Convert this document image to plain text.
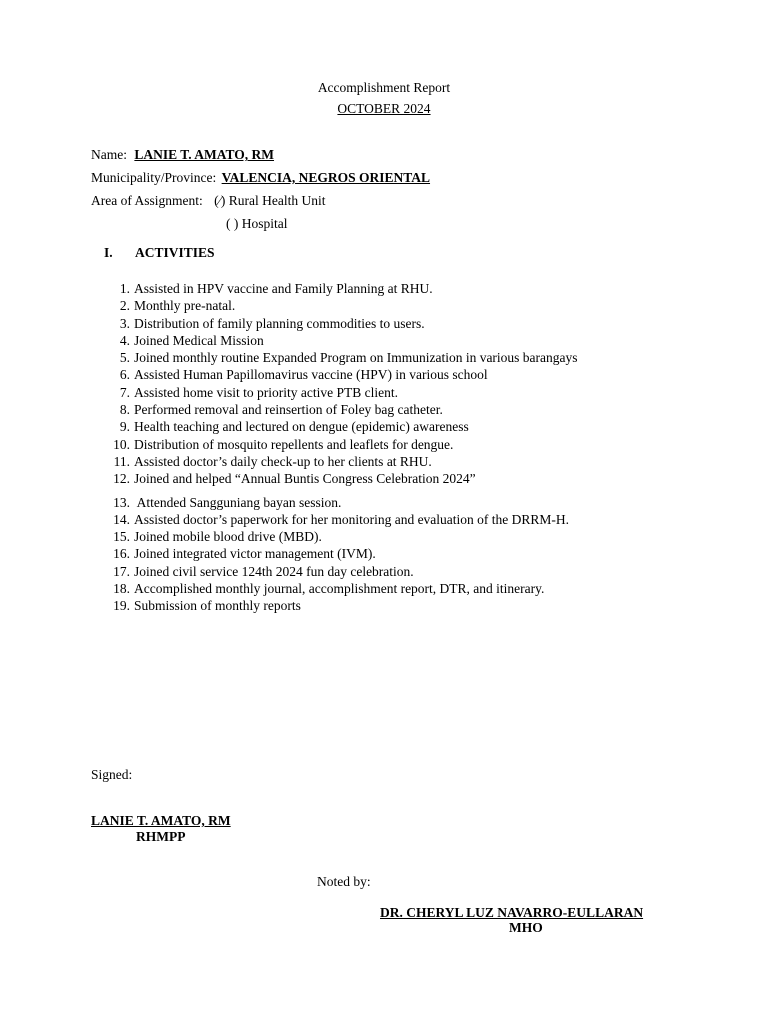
Accomplishment Report
OCTOBER 2024
Name: LANIE T. AMATO, RM
Municipality/Province: VALENCIA, NEGROS ORIENTAL
Area of Assignment: (∕) Rural Health Unit
( ) Hospital
I. ACTIVITIES
1. Assisted in HPV vaccine and Family Planning at RHU.
2. Monthly pre-natal.
3. Distribution of family planning commodities to users.
4. Joined Medical Mission
5. Joined monthly routine Expanded Program on Immunization in various barangays
6. Assisted Human Papillomavirus vaccine (HPV) in various school
7. Assisted home visit to priority active PTB client.
8. Performed removal and reinsertion of Foley bag catheter.
9. Health teaching and lectured on dengue (epidemic) awareness
10. Distribution of mosquito repellents and leaflets for dengue.
11. Assisted doctor’s daily check-up to her clients at RHU.
12. Joined and helped “Annual Buntis Congress Celebration 2024”
13. Attended Sangguniang bayan session.
14. Assisted doctor’s paperwork for her monitoring and evaluation of the DRRM-H.
15. Joined mobile blood drive (MBD).
16. Joined integrated victor management (IVM).
17. Joined civil service 124th 2024 fun day celebration.
18. Accomplished monthly journal, accomplishment report, DTR, and itinerary.
19. Submission of monthly reports
Signed:
LANIE T. AMATO, RM
RHMPP
Noted by:
DR. CHERYL LUZ NAVARRO-EULLARAN
MHO
